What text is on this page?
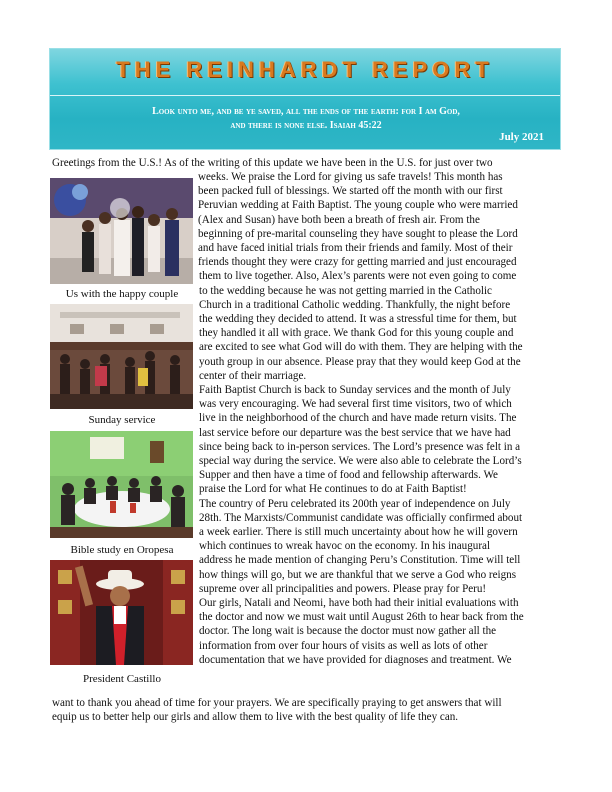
THE REINHARDT REPORT
Look unto me, and be ye saved, all the ends of the earth: for I am God,
and there is none else. Isaiah 45:22
July 2021
Us with the happy couple
Sunday service
Bible study en Oropesa
President Castillo
Greetings from the U.S.! As of the writing of this update we have been in the U.S. for just over two
weeks. We praise the Lord for giving us safe travels! This month has
been packed full of blessings. We started off the month with our first
Peruvian wedding at Faith Baptist. The young couple who were married
(Alex and Susan) have both been a breath of fresh air. From the
beginning of pre-marital counseling they have sought to please the Lord
and have faced initial trials from their friends and family. Most of their
friends thought they were crazy for getting married and just encouraged
them to live together. Also, Alex’s parents were not even going to come
to the wedding because he was not getting married in the Catholic
Church in a traditional Catholic wedding. Thankfully, the night before
the wedding they decided to attend. It was a stressful time for them, but
they handled it all with grace. We thank God for this young couple and
are excited to see what God will do with them. They are helping with the
youth group in our absence. Please pray that they would keep God at the
center of their marriage.
Faith Baptist Church is back to Sunday services and the month of July
was very encouraging. We had several first time visitors, two of which
live in the neighborhood of the church and have made return visits. The
last service before our departure was the best service that we have had
since being back to in-person services. The Lord’s presence was felt in a
special way during the service. We were also able to celebrate the Lord’s
Supper and then have a time of food and fellowship afterwards. We
praise the Lord for what He continues to do at Faith Baptist!
The country of Peru celebrated its 200th year of independence on July
28th. The Marxists/Communist candidate was officially confirmed about
a week earlier. There is still much uncertainty about how he will govern
which continues to wreak havoc on the economy. In his inaugural
address he made mention of changing Peru’s Constitution. Time will tell
how things will go, but we are thankful that we serve a God who reigns
supreme over all principalities and powers. Please pray for Peru!
Our girls, Natali and Neomi, have both had their initial evaluations with
the doctor and now we must wait until August 26th to hear back from the
doctor. The long wait is because the doctor must now gather all the
information from over four hours of visits as well as lots of other
documentation that we have provided for diagnoses and treatment. We
want to thank you ahead of time for your prayers. We are specifically praying to get answers that will
equip us to better help our girls and allow them to live with the best quality of life they can.
